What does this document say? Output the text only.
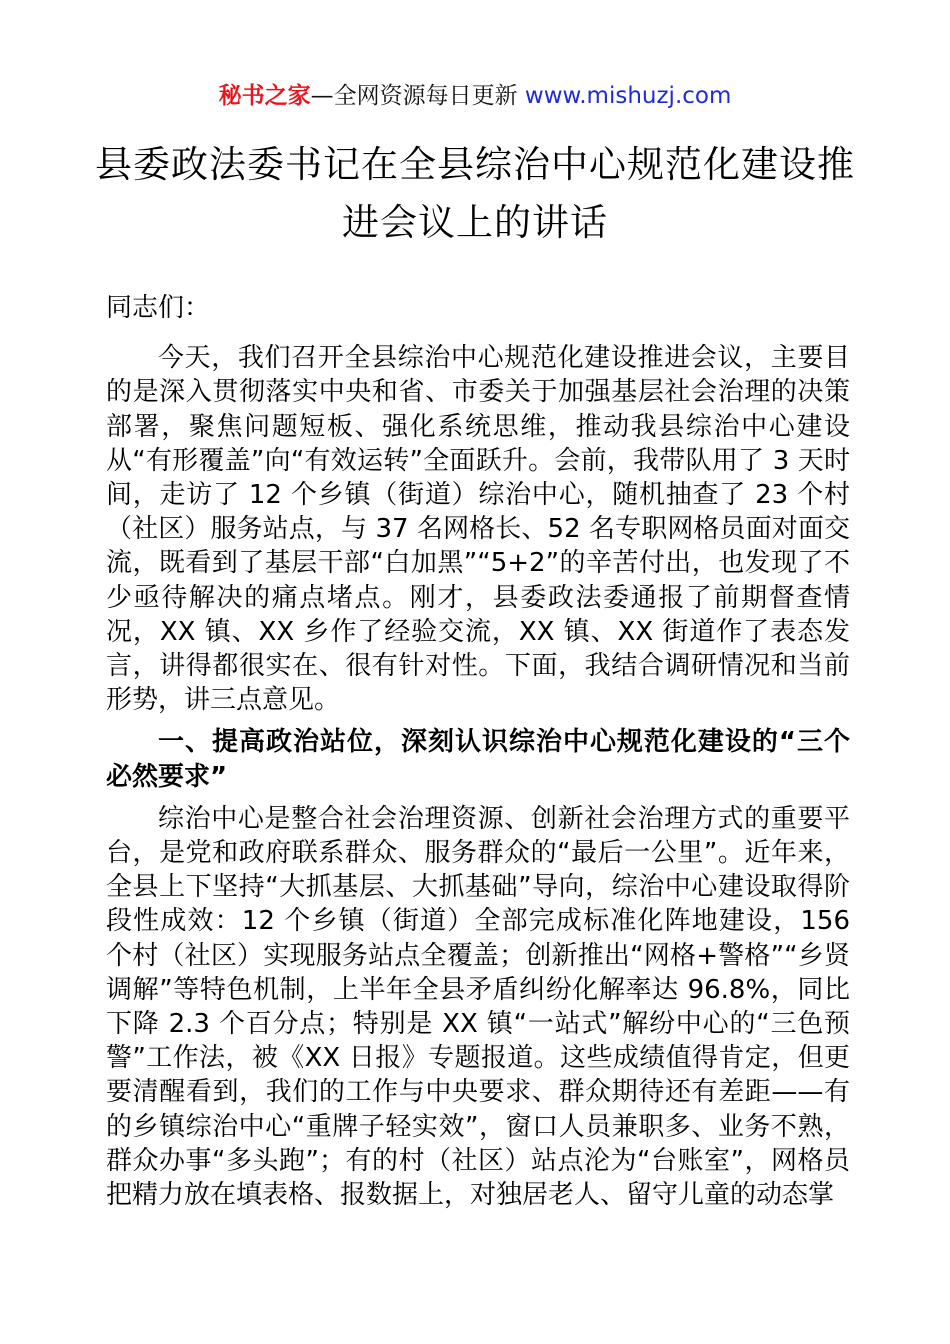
秘书之家—全网资源每日更新 www.mishuzj.com
县委政法委书记在全县综治中心规范化建设推进会议上的讲话

同志们：

今天，我们召开全县综治中心规范化建设推进会议，主要目的是深入贯彻落实中央和省、市委关于加强基层社会治理的决策部署，聚焦问题短板、强化系统思维，推动我县综治中心建设从“有形覆盖”向“有效运转”全面跃升。会前，我带队用了 3 天时间，走访了 12 个乡镇（街道）综治中心，随机抽查了 23 个村（社区）服务站点，与 37 名网格长、52 名专职网格员面对面交流，既看到了基层干部“白加黑”“5+2”的辛苦付出，也发现了不少亟待解决的痛点堵点。刚才，县委政法委通报了前期督查情况，XX 镇、XX 乡作了经验交流，XX 镇、XX 街道作了表态发言，讲得都很实在、很有针对性。下面，我结合调研情况和当前形势，讲三点意见。

一、提高政治站位，深刻认识综治中心规范化建设的“三个必然要求”

综治中心是整合社会治理资源、创新社会治理方式的重要平台，是党和政府联系群众、服务群众的“最后一公里”。近年来，全县上下坚持“大抓基层、大抓基础”导向，综治中心建设取得阶段性成效：12 个乡镇（街道）全部完成标准化阵地建设，156 个村（社区）实现服务站点全覆盖；创新推出“网格+警格”“乡贤调解”等特色机制，上半年全县矛盾纠纷化解率达 96.8%，同比下降 2.3 个百分点；特别是 XX 镇“一站式”解纷中心的“三色预警”工作法，被《XX 日报》专题报道。这些成绩值得肯定，但更要清醒看到，我们的工作与中央要求、群众期待还有差距——有的乡镇综治中心“重牌子轻实效”，窗口人员兼职多、业务不熟，群众办事“多头跑”；有的村（社区）站点沦为“台账室”，网格员把精力放在填表格、报数据上，对独居老人、留守儿童的动态掌
